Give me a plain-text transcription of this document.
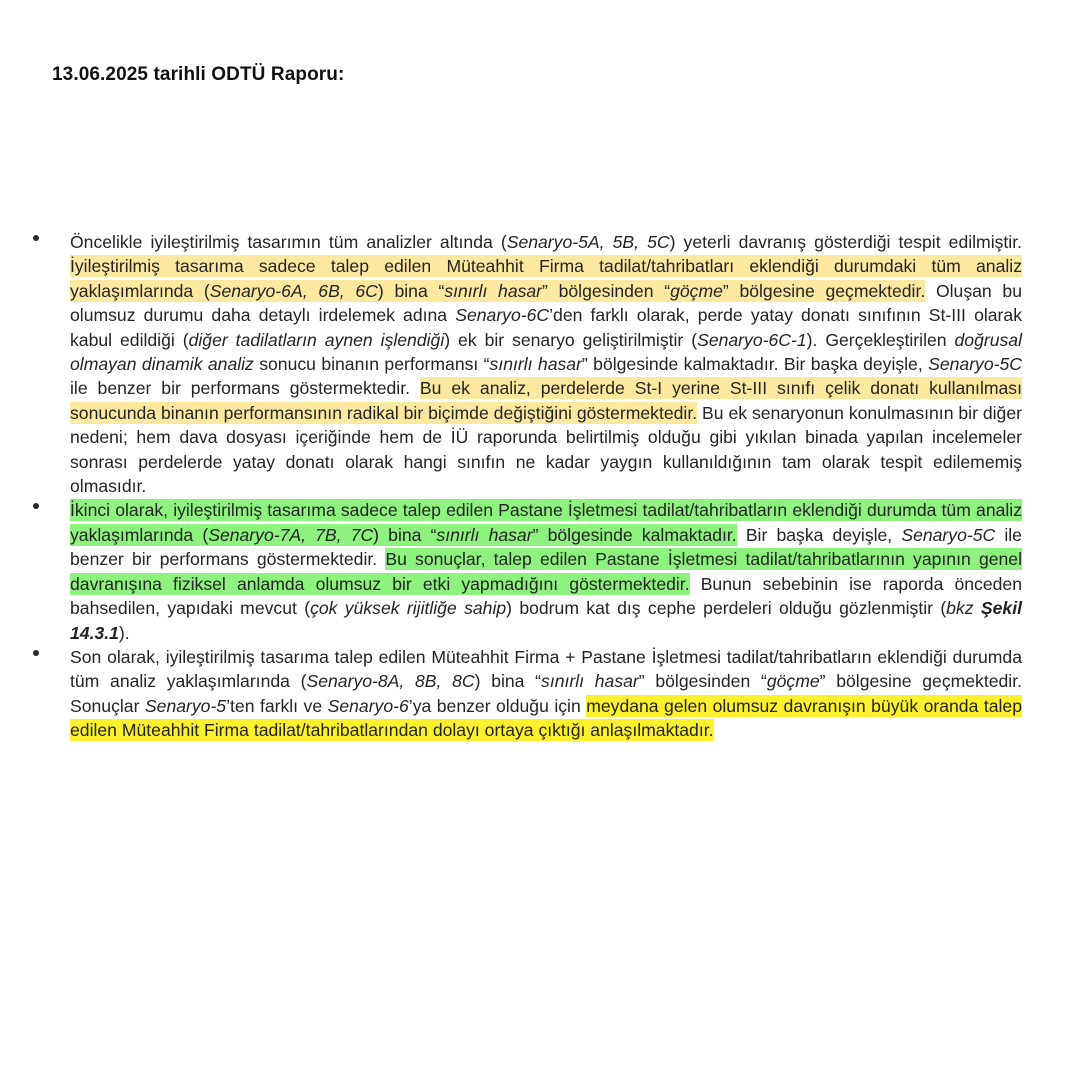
13.06.2025 tarihli ODTÜ Raporu:

Öncelikle iyileştirilmiş tasarımın tüm analizler altında (Senaryo-5A, 5B, 5C) yeterli davranış gösterdiği tespit edilmiştir. İyileştirilmiş tasarıma sadece talep edilen Müteahhit Firma tadilat/tahribatları eklendiği durumdaki tüm analiz yaklaşımlarında (Senaryo-6A, 6B, 6C) bina “sınırlı hasar” bölgesinden “göçme” bölgesine geçmektedir. Oluşan bu olumsuz durumu daha detaylı irdelemek adına Senaryo-6C’den farklı olarak, perde yatay donatı sınıfının St-III olarak kabul edildiği (diğer tadilatların aynen işlendiği) ek bir senaryo geliştirilmiştir (Senaryo-6C-1). Gerçekleştirilen doğrusal olmayan dinamik analiz sonucu binanın performansı “sınırlı hasar” bölgesinde kalmaktadır. Bir başka deyişle, Senaryo-5C ile benzer bir performans göstermektedir. Bu ek analiz, perdelerde St-I yerine St-III sınıfı çelik donatı kullanılması sonucunda binanın performansının radikal bir biçimde değiştiğini göstermektedir. Bu ek senaryonun konulmasının bir diğer nedeni; hem dava dosyası içeriğinde hem de İÜ raporunda belirtilmiş olduğu gibi yıkılan binada yapılan incelemeler sonrası perdelerde yatay donatı olarak hangi sınıfın ne kadar yaygın kullanıldığının tam olarak tespit edilememiş olmasıdır.

İkinci olarak, iyileştirilmiş tasarıma sadece talep edilen Pastane İşletmesi tadilat/tahribatların eklendiği durumda tüm analiz yaklaşımlarında (Senaryo-7A, 7B, 7C) bina “sınırlı hasar” bölgesinde kalmaktadır. Bir başka deyişle, Senaryo-5C ile benzer bir performans göstermektedir. Bu sonuçlar, talep edilen Pastane İşletmesi tadilat/tahribatlarının yapının genel davranışına fiziksel anlamda olumsuz bir etki yapmadığını göstermektedir. Bunun sebebinin ise raporda önceden bahsedilen, yapıdaki mevcut (çok yüksek rijitliğe sahip) bodrum kat dış cephe perdeleri olduğu gözlenmiştir (bkz Şekil 14.3.1).

Son olarak, iyileştirilmiş tasarıma talep edilen Müteahhit Firma + Pastane İşletmesi tadilat/tahribatların eklendiği durumda tüm analiz yaklaşımlarında (Senaryo-8A, 8B, 8C) bina “sınırlı hasar” bölgesinden “göçme” bölgesine geçmektedir. Sonuçlar Senaryo-5’ten farklı ve Senaryo-6’ya benzer olduğu için meydana gelen olumsuz davranışın büyük oranda talep edilen Müteahhit Firma tadilat/tahribatlarından dolayı ortaya çıktığı anlaşılmaktadır.
